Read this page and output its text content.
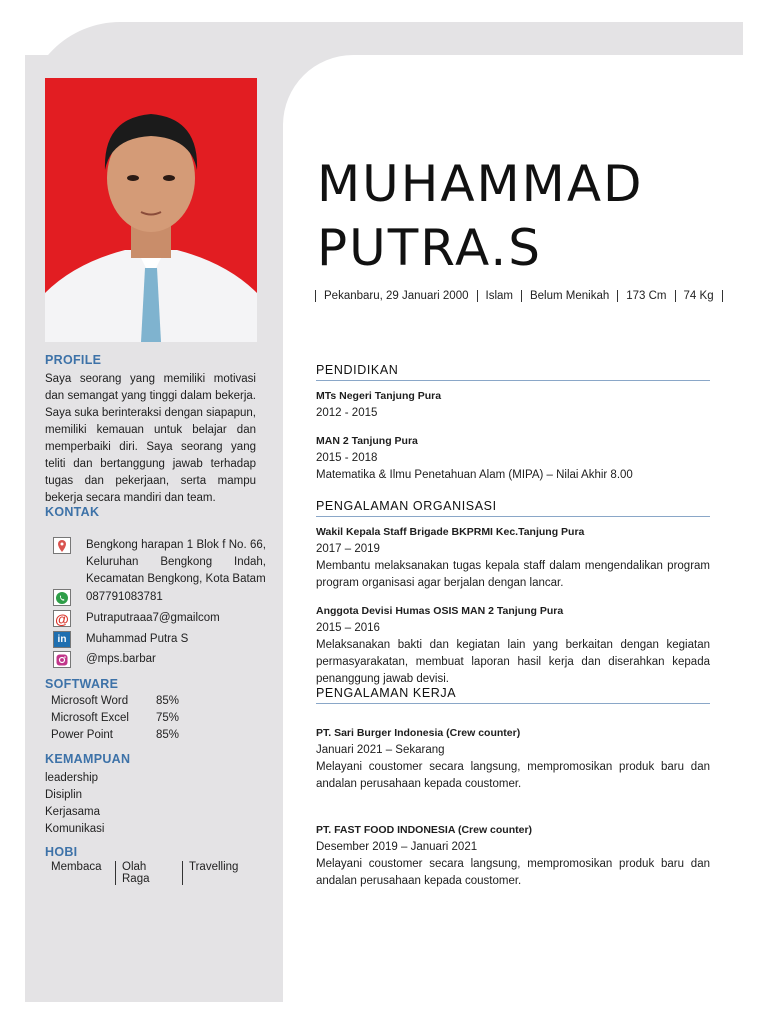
PROFILE
Saya seorang yang memiliki motivasi dan semangat yang tinggi dalam bekerja. Saya suka berinteraksi dengan siapapun, memiliki kemauan untuk belajar dan memperbaiki diri. Saya seorang yang teliti dan bertanggung jawab terhadap tugas dan pekerjaan, serta mampu bekerja secara mandiri dan team.
KONTAK
Bengkong harapan 1 Blok f No. 66, Keluruhan Bengkong Indah, Kecamatan Bengkong, Kota Batam
087791083781
@ Putraputraaa7@gmailcom
in Muhammad Putra S
@mps.barbar
SOFTWARE
Microsoft Word	85%
Microsoft Excel	75%
Power Point	85%
KEMAMPUAN
leadership
Disiplin
Kerjasama
Komunikasi
HOBI
Membaca	Olah Raga
Travelling
MUHAMMAD
PUTRA.S
Pekanbaru, 29 Januari 2000	Islam	Belum Menikah	173 Cm	74 Kg
PENDIDIKAN
MTs Negeri Tanjung Pura
2012 - 2015
MAN 2 Tanjung Pura
2015 - 2018
Matematika & Ilmu Penetahuan Alam (MIPA) – Nilai Akhir 8.00
PENGALAMAN ORGANISASI
Wakil Kepala Staff Brigade BKPRMI Kec.Tanjung Pura
2017 – 2019
Membantu melaksanakan tugas kepala staff dalam mengendalikan program program organisasi agar berjalan dengan lancar.
Anggota Devisi Humas OSIS MAN 2 Tanjung Pura
2015 – 2016
Melaksanakan bakti dan kegiatan lain yang berkaitan dengan kegiatan permasyarakatan, membuat laporan hasil kerja dan diserahkan kepada penanggung jawab devisi.
PENGALAMAN KERJA
PT. Sari Burger Indonesia (Crew counter)
Januari 2021 – Sekarang
Melayani coustomer secara langsung, mempromosikan produk baru dan andalan perusahaan kepada coustomer.
PT. FAST FOOD INDONESIA (Crew counter)
Desember 2019 – Januari 2021
Melayani coustomer secara langsung, mempromosikan produk baru dan andalan perusahaan kepada coustomer.
